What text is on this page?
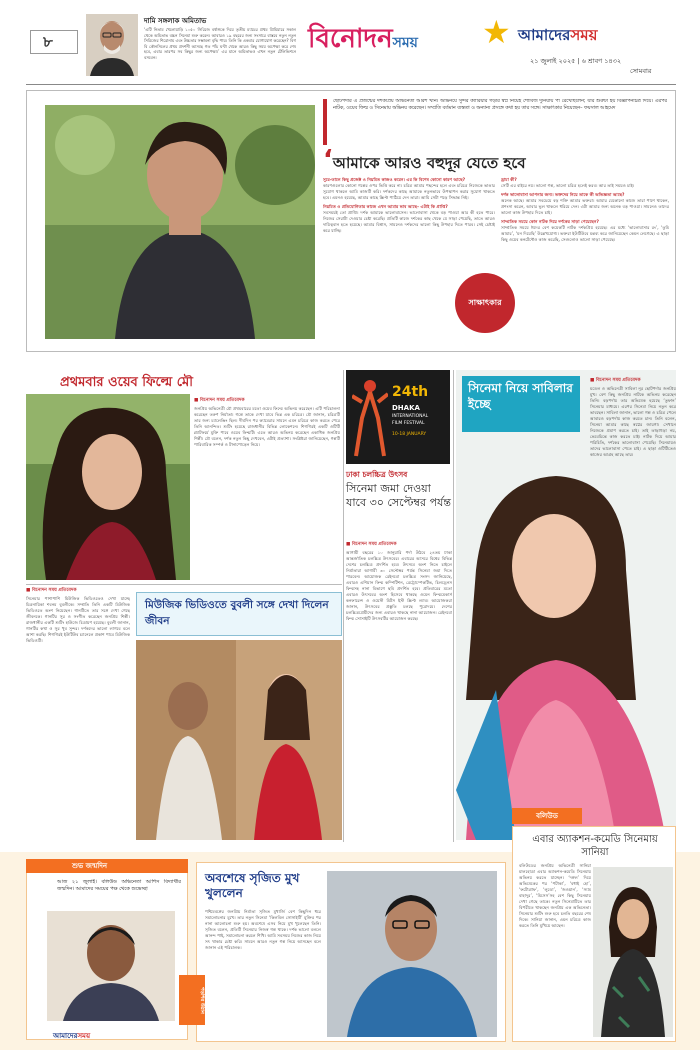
৮
দামি সঙ্গলাক অমিতাভ
‘এটি নিতাম খেলোয়াড়ি ১০৫০ সিরিজে বর্ষাঙ্গকে দিয়ে তৃতীয় ম্যাচের প্রথম প্রিমিয়ারে সকাল থেকে অমিতাভ বচ্চন সিনেমা শুরু করেন। আবারও ১৯ বছরের জন্য সংসারে বাস্তবে নতুন নতুন সিরিজের শিরোনাম এবং উচ্চতার সম্ভাবনা বৃদ্ধি পায়। তিনি কি একবার যোগাযোগ করেছেন? বিগ বি কৌনসিলের প্রথম প্রদর্শনী আসছে গত পাঁচ ঘণ্টা থেকে আরও কিছু সময় অপেক্ষা করে শেষ হবে, এবার তারপর সব কিছুর জন্য অপেক্ষা।’ এর মানে অমিতাভও এখন নতুন টেলিভিশনে বসবেন।
বিনোদনসময় ★ আমাদেরসময়
২১ জুলাই ২০২৫ | ৬ শ্রাবণ ১৪৩২
সোমবার
ছোটপর্দার এ প্রজন্মের দর্শকপ্রিয় অভিনেতা আরশ খান। অভিনয়ে সুন্দর ক্যারিয়ার গড়ার স্বপ্ন নিয়েই শোবিজ দুনিয়ায় পা রেখেছিলেন; যার শুরুটা হয় বিজ্ঞাপনচিত্র দিয়ে। এরপর নাটক, ওয়েব ফিল্ম ও সিনেমায় অভিনয় করেছেন। সম্প্রতি বর্তমান ব্যস্ততা ও অন্যান্য প্রসঙ্গে কথা হয় তার সঙ্গে। সাক্ষাৎকার নিয়েছেন– ফয়সাল আহমেদ
‘আমাকে আরও বহুদূর যেতে হবে
সুরে-তালে কিছু প্রজেক্ট ও নিয়মিত কাজও করেন। এর কি বিশেষ কোনো কারণ আছে?
কারণগুলোর কোনো গল্পের ওপর ভিত্তি করে না। চরিত্র আমার পছন্দের হলে এবং চরিত্রে নিজেকে ভাঙার সুযোগ থাকলে আমি কাজটি করি। দর্শকদের কাছে আমাকে নতুনভাবে উপস্থাপন করার সুযোগ থাকতে হবে। এমনও হয়েছে, আমার কাছে স্ক্রিপ্ট পাঠিয়ে দেন তারা। আমি সেটা পড়ে সিদ্ধান্ত নিই।
নিয়মিত ও প্রতিযোগিতার কাজে এখন আমার ভাব আছে– এটাই কি প্রাপ্তি?
সবসময়ই তো প্রাপ্তি। দর্শক আমাকে ভালোবাসেন। ভালোবাসা থেকে বড় পাওয়া আর কী হতে পারে। নিজের সেরাটা দেওয়ার চেষ্টা করেছি। প্রতিটি কাজে দর্শকের কাছ থেকে যে সাড়া পেয়েছি, তাতে আরও দায়িত্ববান হতে হয়েছে। আমার বিশ্বাস, সামনেও দর্শকদের ভালো কিছু উপহার দিতে পারব। সেই চেষ্টাই করে যাচ্ছি।
সাক্ষাৎকার
ড্রামা কী?
সেটি এর বাইরে নয়। ভালো গল্প, ভালো চরিত্র হলেই করব। আর তাই সময়ও চাই।
দর্শক ভালোবাসা আপনার জন্য। ভক্তদের নিয়ে তাকে কী অভিজ্ঞতা আছে?
অনেক আছে। আমার সবচেয়ে বড় শক্তি আমার ভক্তরা। আমার যেকোনো কাজে তারা পাশে থাকেন, প্রশংসা করেন, আবার ভুল থাকলে ধরিয়ে দেন। এটা আমার জন্য অনেক বড় পাওয়া। সামনেও তাদের ভালো কাজ উপহার দিতে চাই।
সাম্প্রতিক সময়ে কোন নাটক দিয়ে দর্শকের সাড়া পেয়েছেন?
সাম্প্রতিক সময়ে ঈদের বেশ কয়েকটি নাটক দর্শকপ্রিয় হয়েছে। এর মধ্যে ‘ভালোবাসার রং’, ‘তুমি আমার’, ‘মন দিয়েছি’ উল্লেখযোগ্য। ভক্তরা ইউটিউবে মন্তব্য করে জানিয়েছেন কেমন লেগেছে। এ ছাড়া কিছু ওয়েব কনটেন্টেও কাজ করেছি, সেগুলোও ভালো সাড়া পেয়েছে।
প্রথমবার ওয়েব ফিল্মে মৌ
■ বিনোদন সময় প্রতিবেদক
জনপ্রিয় অভিনেত্রী মৌ প্রথমবারের মতো ওয়েব ফিল্মে অভিনয় করেছেন। এটি পরিচালনা করেছেন তরুণ নির্মাতা। গল্পে তাকে দেখা যাবে ভিন্ন এক চরিত্রে। মৌ জানান, চরিত্রটি তার জন্য চ্যালেঞ্জিং ছিল। দীর্ঘদিন পর ক্যামেরার সামনে এমন চরিত্রে কাজ করতে পেরে তিনি আনন্দিত। শুটিং হয়েছে রাজধানীর বিভিন্ন লোকেশনে। শিগগিরই একটি ওটিটি প্ল্যাটফর্মে মুক্তি পাবে ওয়েব ফিল্মটি। এতে আরও অভিনয় করেছেন একাধিক জনপ্রিয় শিল্পী। মৌ বলেন, দর্শক নতুন কিছু দেখবেন, এটাই প্রত্যাশা। সংশ্লিষ্টরা জানিয়েছেন, গল্পটি পারিবারিক সম্পর্ক ও টানাপোড়েন নিয়ে।
24th
DHAKA
INTERNATIONAL
FILM FESTIVAL
10-18 JANUARY
ঢাকা চলচ্চিত্র উৎসব
সিনেমা জমা দেওয়া যাবে ৩০ সেপ্টেম্বর পর্যন্ত
■ বিনোদন সময় প্রতিবেদক
আগামী বছরের ১০ জানুয়ারি পর্দা উঠবে ২৪তম ঢাকা আন্তর্জাতিক চলচ্চিত্র উৎসবের। এবারের আসরে বিশ্বের বিভিন্ন দেশের চলচ্চিত্র প্রদর্শিত হবে। উৎসবে অংশ নিতে চাইলে নির্মাতারা আগামী ৩০ সেপ্টেম্বর পর্যন্ত সিনেমা জমা দিতে পারবেন। আয়োজক রেইনবো চলচ্চিত্র সংসদ জানিয়েছে, এবারও এশিয়ান ফিল্ম কম্পিটিশন, রেট্রোস্পেকটিভ, চিলড্রেনস ফিল্মসহ নানা বিভাগে ছবি প্রদর্শিত হবে। প্রতিবারের মতো এবারও উৎসবের অংশ হিসেবে থাকছে ওমেন ফিল্মমেকার্স কনফারেন্স ও ওয়েস্ট মিটস ইস্ট স্ক্রিপ্ট ল্যাব। আয়োজকরা জানান, উৎসবের প্রস্তুতি চলছে পুরোদমে। দেশের চলচ্চিত্রপ্রেমীদের জন্য এবারও থাকছে নানা আয়োজন। রেইনবো ফিল্ম সোসাইটি উৎসবটির আয়োজন করছে।
সিনেমা নিয়ে সাবিলার ইচ্ছে
■ বিনোদন সময় প্রতিবেদক
মডেল ও অভিনেত্রী সাবিলা নূর ছোটপর্দার জনপ্রিয় মুখ। বেশ কিছু জনপ্রিয় নাটকে অভিনয় করেছেন তিনি। বড়পর্দায় তার অভিষেক হয়েছে ‘তুফান’ সিনেমার মাধ্যমে। এরপর সিনেমা নিয়ে নতুন করে ভাবছেন। সাবিলা জানান, ভালো গল্প ও চরিত্র পেলে আবারও বড়পর্দায় কাজ করতে চান। তিনি বলেন, সিনেমা আমার কাছে স্বপ্নের জায়গা। সেখানে নিজেকে প্রমাণ করতে চাই। তাই তাড়াহুড়া নয়, ভেবেচিন্তে কাজ করতে চাই। নাটক দিয়ে আমার পরিচিতি, দর্শকের ভালোবাসা পেয়েছি। সিনেমায়ও তাদের ভালোবাসা পেতে চাই। এ ছাড়া ওটিটিতেও কাজের আগ্রহ আছে তার।
■ বিনোদন সময় প্রতিবেদক
সিনেমার পাশাপাশি মিউজিক ভিডিওতেও দেখা যাচ্ছে চিত্রনায়িকা শবনম বুবলীকে। সম্প্রতি তিনি একটি মিউজিক ভিডিওতে অংশ নিয়েছেন। গানটিতে তার সঙ্গে দেখা গেছে জীবনকে। গানটির সুর ও সংগীত করেছেন জনপ্রিয় শিল্পী। রাজধানীর একটি শুটিং হাউজে চিত্রায়ণ হয়েছে। বুবলী জানান, গানটির কথা ও সুর খুব সুন্দর। দর্শকদের ভালো লাগবে বলে আশা করছি। শিগগিরই ইউটিউব চ্যানেলে প্রকাশ পাবে মিউজিক ভিডিওটি।
মিউজিক ভিডিওতে বুবলী সঙ্গে দেখা দিলেন জীবন
শুভ জন্মদিন
আজ ২১ জুলাই। বলিউড অভিনেতা আশিস বিদ্যার্থীর জন্মদিন। আমাদের সময়ের পক্ষ থেকে শুভেচ্ছা
আমাদেরসময়
অবশেষে সৃজিত মুখ খুললেন
পশ্চিমবঙ্গের জনপ্রিয় নির্মাতা সৃজিত মুখার্জি বেশ কিছুদিন ধরে সমালোচনার মুখে। তার নতুন সিনেমা ‘কিলবিল সোসাইটি’ মুক্তির পর নানা আলোচনা শুরু হয়। অবশেষে এসব নিয়ে মুখ খুলেছেন তিনি। সৃজিত বলেন, প্রতিটি সিনেমার নিজস্ব গল্প থাকে। দর্শক ভালো বললে আনন্দ পাই, সমালোচনা করলে শিখি। আমি সবসময় নিজের কাজ নিয়ে সৎ থাকার চেষ্টা করি। সামনে আরও নতুন গল্প নিয়ে আসছেন বলে জানান এই পরিচালক।
পড়শির উঠান
বলিউড
এবার অ্যাকশন-কমেডি সিনেমায় সানিয়া
বলিউডের জনপ্রিয় অভিনেত্রী সানিয়া মালহোত্রা এবার অ্যাকশন-কমেডি সিনেমায় অভিনয় করতে যাচ্ছেন। ‘দঙ্গল’ দিয়ে অভিষেকের পর ‘পটাকা’, ‘বধাই হো’, ‘ফটোগ্রাফ’, ‘লুডো’, ‘জওয়ান’, ‘স্যাম বাহাদুর’, ‘মিসেস’সহ বেশ কিছু সিনেমায় দেখা গেছে তাকে। নতুন সিনেমাটিতে তার বিপরীতে থাকছেন জনপ্রিয় এক অভিনেতা। সিনেমার শুটিং শুরু হবে চলতি বছরের শেষ দিকে। সানিয়া জানান, এমন চরিত্রে কাজ করতে তিনি মুখিয়ে আছেন।
